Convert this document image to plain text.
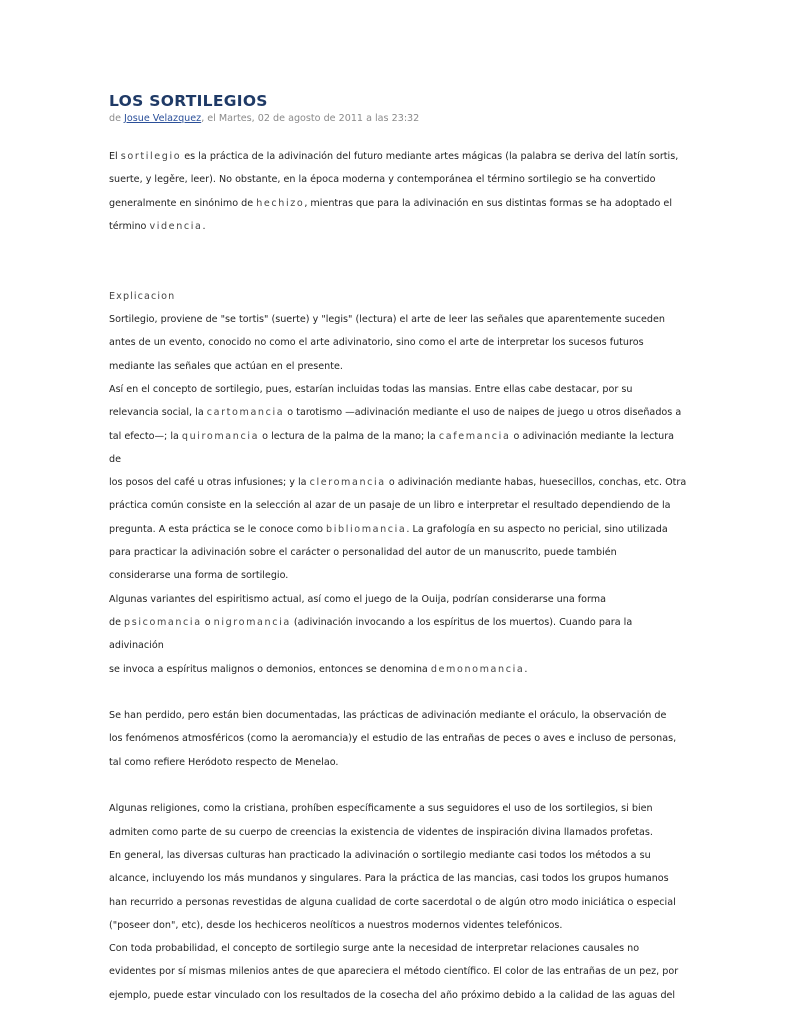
LOS SORTILEGIOS
de Josue Velazquez, el Martes, 02 de agosto de 2011 a las 23:32

El sortilegio es la práctica de la adivinación del futuro mediante artes mágicas (la palabra se deriva del latín sortis,
suerte, y legěre, leer). No obstante, en la época moderna y contemporánea el término sortilegio se ha convertido
generalmente en sinónimo de hechizo, mientras que para la adivinación en sus distintas formas se ha adoptado el
término videncia.

Explicacion

Sortilegio, proviene de "se tortis" (suerte) y "legis" (lectura) el arte de leer las señales que aparentemente suceden
antes de un evento, conocido no como el arte adivinatorio, sino como el arte de interpretar los sucesos futuros
mediante las señales que actúan en el presente.

Así en el concepto de sortilegio, pues, estarían incluidas todas las mansias. Entre ellas cabe destacar, por su
relevancia social, la cartomancia o tarotismo —adivinación mediante el uso de naipes de juego u otros diseñados a
tal efecto—; la quiromancia o lectura de la palma de la mano; la cafemancia o adivinación mediante la lectura de
los posos del café u otras infusiones; y la cleromancia o adivinación mediante habas, huesecillos, conchas, etc. Otra
práctica común consiste en la selección al azar de un pasaje de un libro e interpretar el resultado dependiendo de la
pregunta. A esta práctica se le conoce como bibliomancia. La grafología en su aspecto no pericial, sino utilizada
para practicar la adivinación sobre el carácter o personalidad del autor de un manuscrito, puede también
considerarse una forma de sortilegio.

Algunas variantes del espiritismo actual, así como el juego de la Ouija, podrían considerarse una forma
de psicomancia o nigromancia (adivinación invocando a los espíritus de los muertos). Cuando para la adivinación
se invoca a espíritus malignos o demonios, entonces se denomina demonomancia.

Se han perdido, pero están bien documentadas, las prácticas de adivinación mediante el oráculo, la observación de
los fenómenos atmosféricos (como la aeromancia)y el estudio de las entrañas de peces o aves e incluso de personas,
tal como refiere Heródoto respecto de Menelao.

Algunas religiones, como la cristiana, prohíben específicamente a sus seguidores el uso de los sortilegios, si bien
admiten como parte de su cuerpo de creencias la existencia de videntes de inspiración divina llamados profetas.
En general, las diversas culturas han practicado la adivinación o sortilegio mediante casi todos los métodos a su
alcance, incluyendo los más mundanos y singulares. Para la práctica de las mancias, casi todos los grupos humanos
han recurrido a personas revestidas de alguna cualidad de corte sacerdotal o de algún otro modo iniciática o especial
("poseer don", etc), desde los hechiceros neolíticos a nuestros modernos videntes telefónicos.
Con toda probabilidad, el concepto de sortilegio surge ante la necesidad de interpretar relaciones causales no
evidentes por sí mismas milenios antes de que apareciera el método científico. El color de las entrañas de un pez, por
ejemplo, puede estar vinculado con los resultados de la cosecha del año próximo debido a la calidad de las aguas del
